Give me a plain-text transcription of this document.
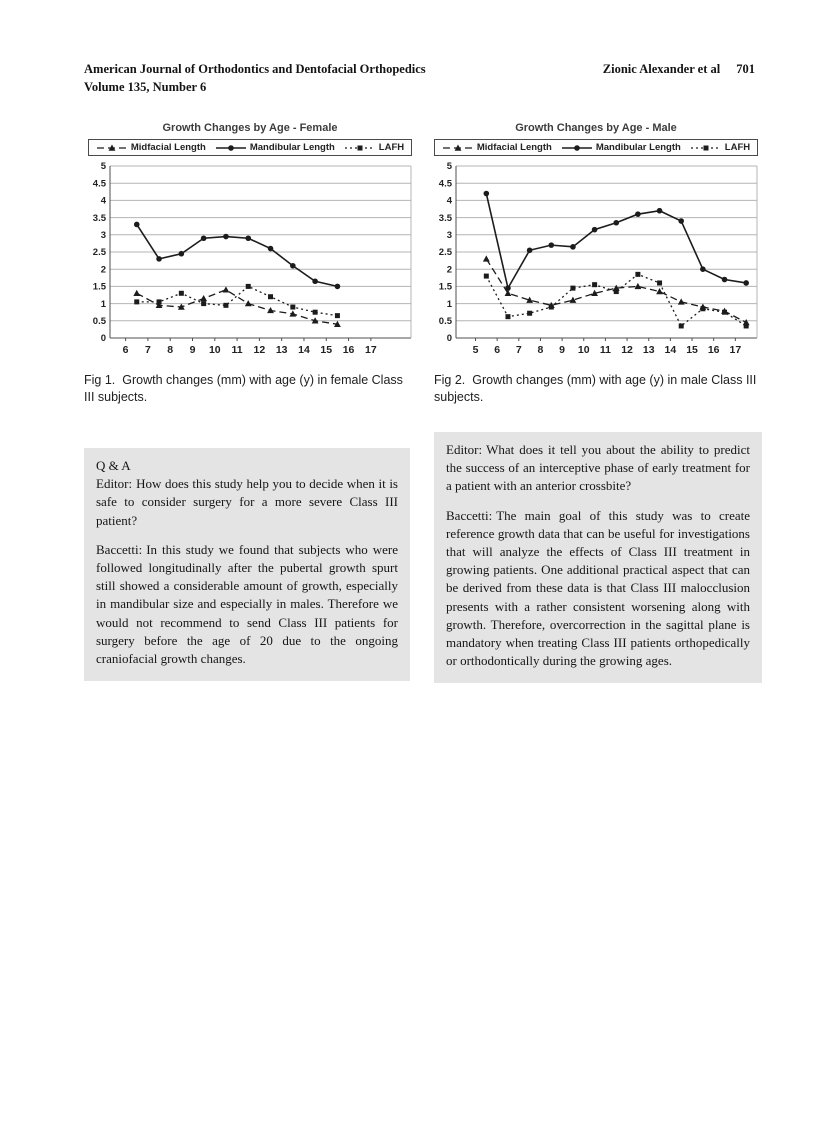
American Journal of Orthodontics and Dentofacial Orthopedics
Volume 135, Number 6
Zionic Alexander et al 701
Growth Changes by Age - Female
Midfacial Length	Mandibular Length	LAFH
0
0.5
1
1.5
2
2.5
3
3.5
4
4.5
5
6 7 8 9 10 11 12 13 14 15 16 17
Growth Changes by Age - Male
Midfacial Length	Mandibular Length	LAFH
0
0.5
1
1.5
2
2.5
3
3.5
4
4.5
5
5 6 7 8 9 10 11 12 13 14 15 16 17
Fig 1. Growth changes (mm) with age (y) in female Class III subjects.
Fig 2. Growth changes (mm) with age (y) in male Class III subjects.

Q & A

Editor: How does this study help you to decide when it is safe to consider surgery for a more severe Class III patient?

Baccetti: In this study we found that subjects who were followed longitudinally after the pubertal growth spurt still showed a considerable amount of growth, especially in mandibular size and especially in males. Therefore we would not recommend to send Class III patients for surgery before the age of 20 due to the ongoing craniofacial growth changes.

Editor: What does it tell you about the ability to predict the success of an interceptive phase of early treatment for a patient with an anterior crossbite?

Baccetti: The main goal of this study was to create reference growth data that can be useful for investigations that will analyze the effects of Class III treatment in growing patients. One additional practical aspect that can be derived from these data is that Class III malocclusion presents with a rather consistent worsening along with growth. Therefore, overcorrection in the sagittal plane is mandatory when treating Class III patients orthopedically or orthodontically during the growing ages.
